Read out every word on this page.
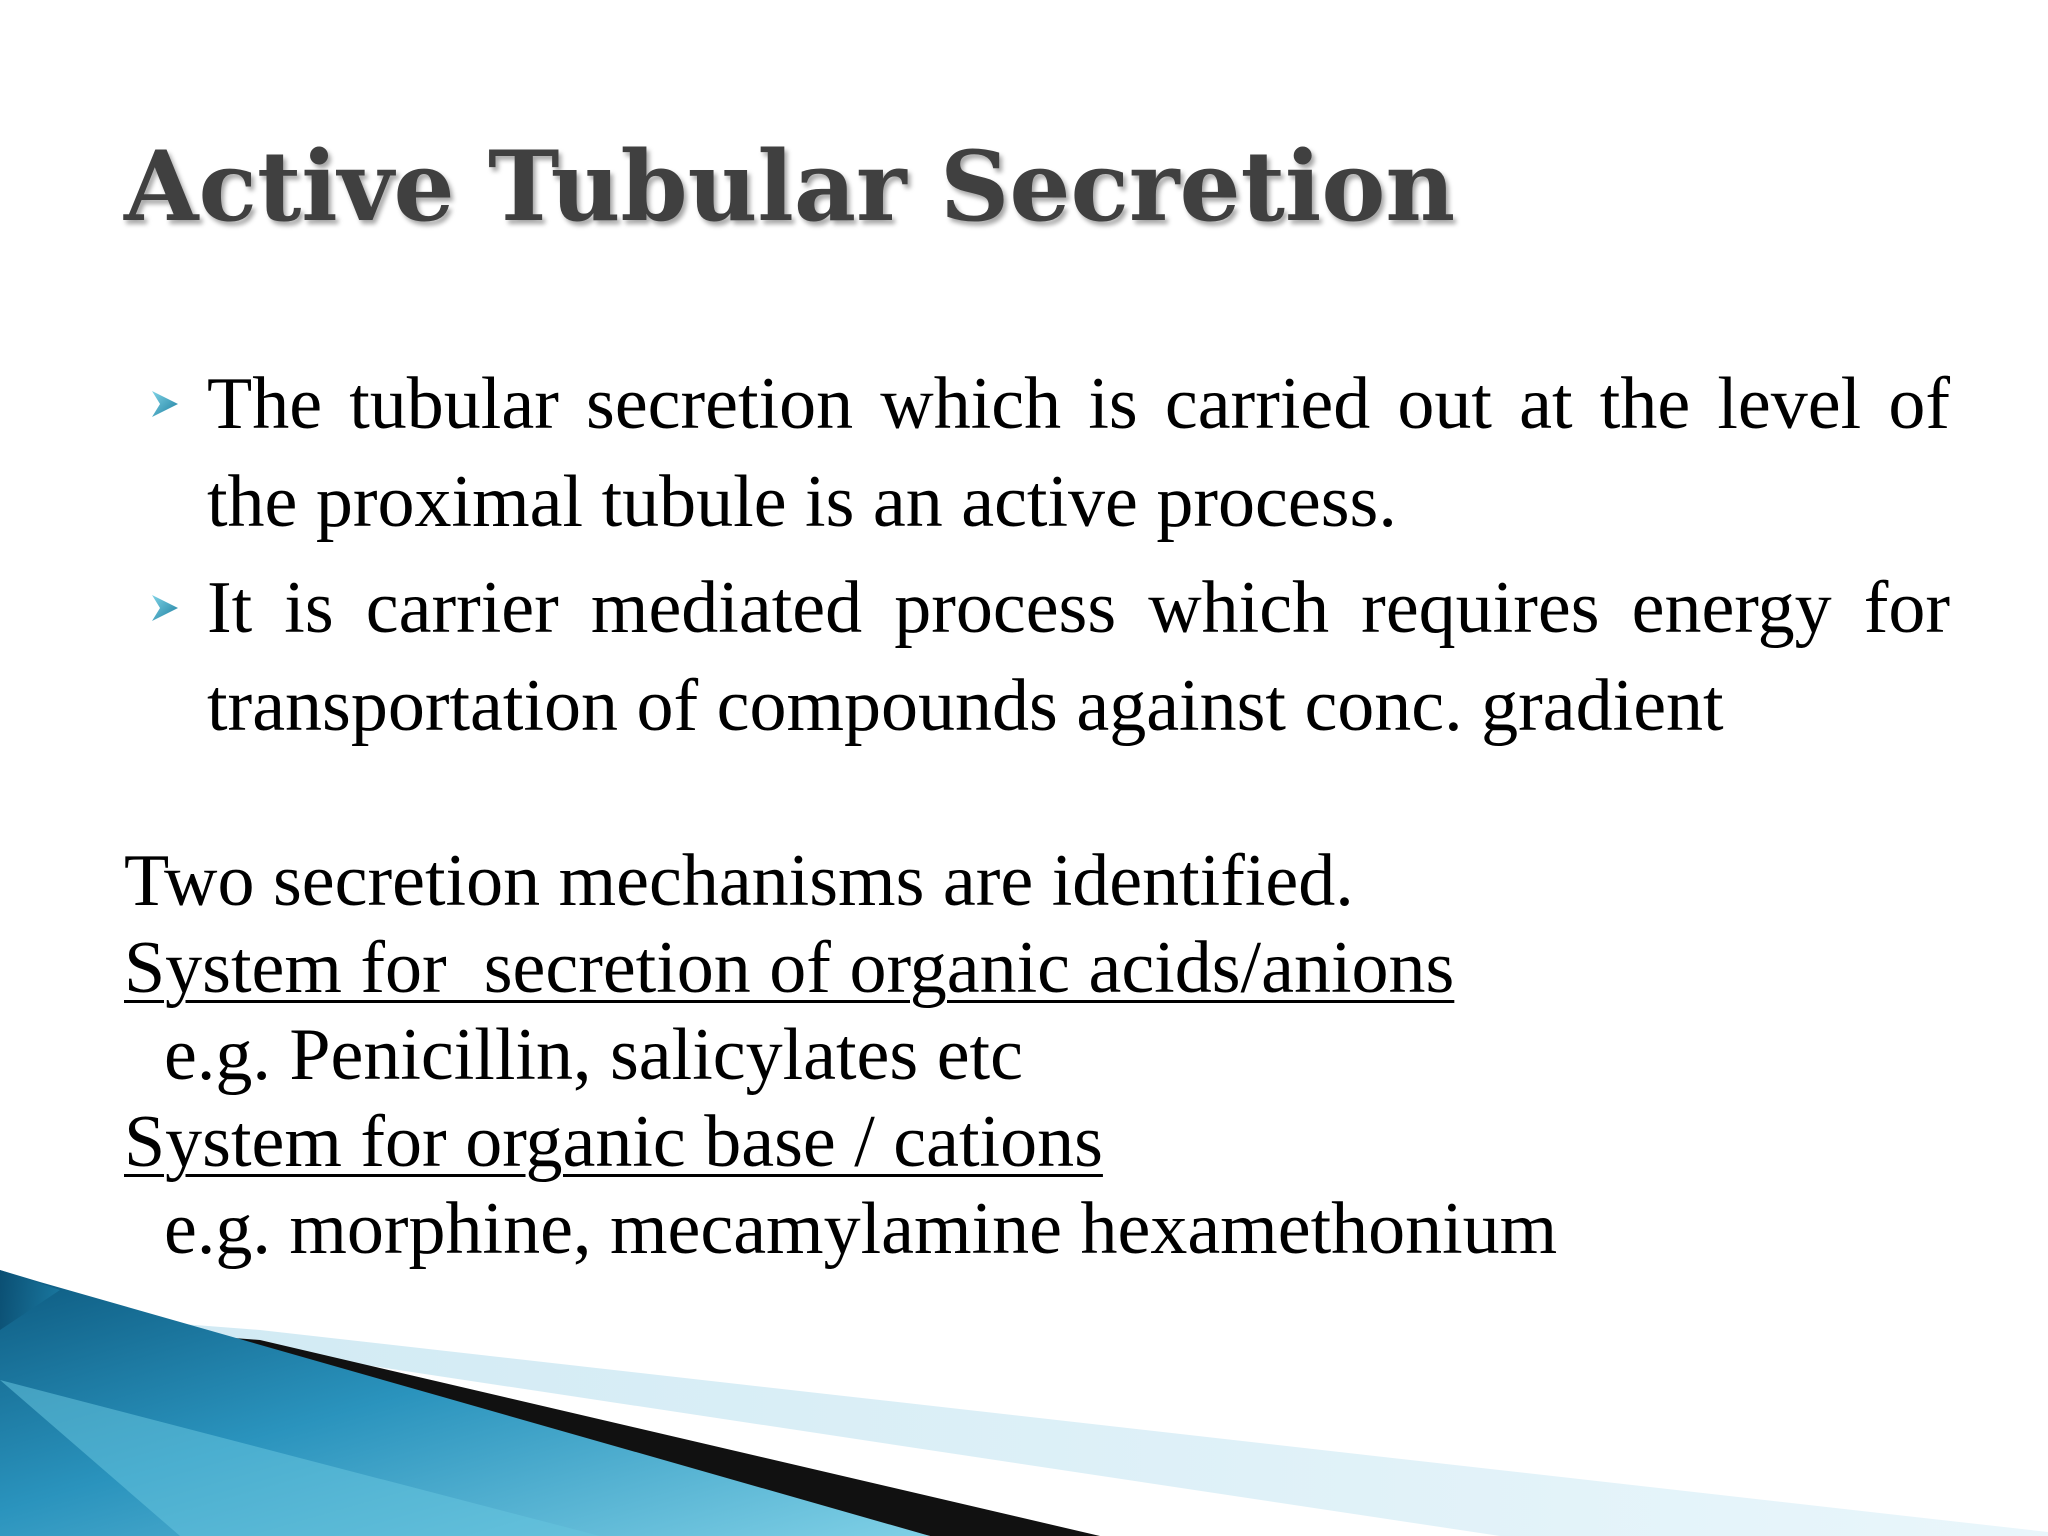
Active Tubular Secretion
The tubular secretion which is carried out at the level of the proximal tubule is an active process.
It is carrier mediated process which requires energy for transportation of compounds against conc. gradient

Two secretion mechanisms are identified.

System for  secretion of organic acids/anions

e.g. Penicillin, salicylates etc

System for organic base / cations

e.g. morphine, mecamylamine hexamethonium
